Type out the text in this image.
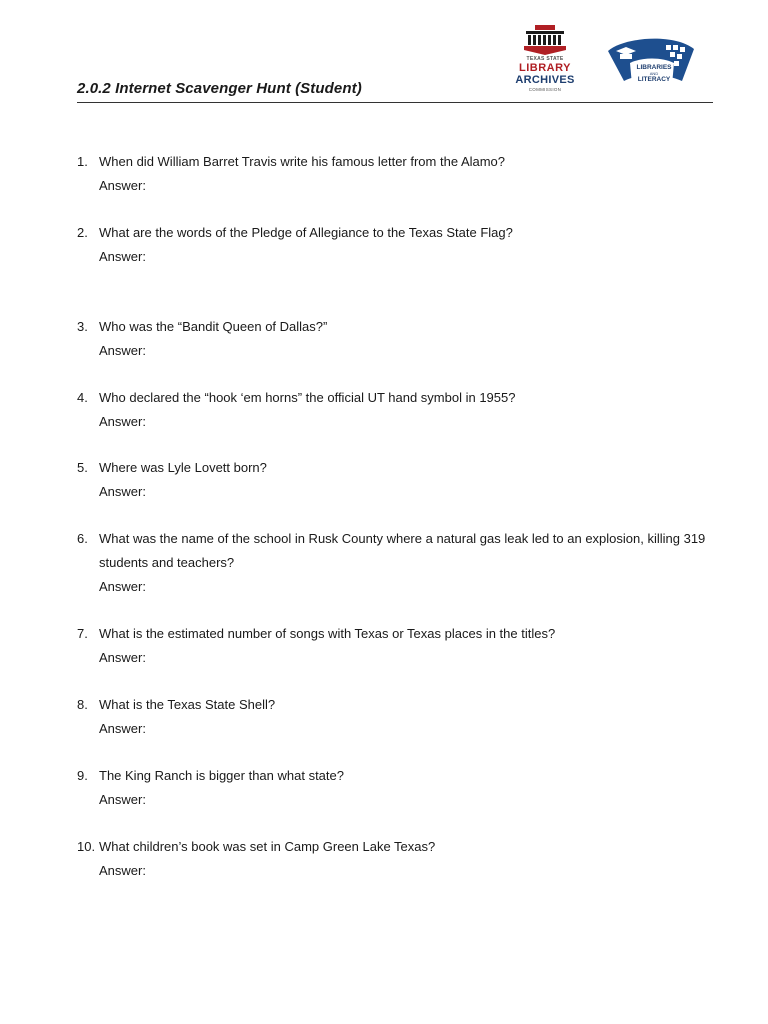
2.0.2 Internet Scavenger Hunt (Student)
TEXAS STATE
LIBRARY
ARCHIVES
COMMISSION
LIBRARIES
AND
LITERACY
1. When did William Barret Travis write his famous letter from the Alamo?
Answer:
2. What are the words of the Pledge of Allegiance to the Texas State Flag?
Answer:
3. Who was the “Bandit Queen of Dallas?”
Answer:
4. Who declared the “hook ‘em horns” the official UT hand symbol in 1955?
Answer:
5. Where was Lyle Lovett born?
Answer:
6. What was the name of the school in Rusk County where a natural gas leak led to an explosion, killing 319 students and teachers?
Answer:
7. What is the estimated number of songs with Texas or Texas places in the titles?
Answer:
8. What is the Texas State Shell?
Answer:
9. The King Ranch is bigger than what state?
Answer:
10. What children’s book was set in Camp Green Lake Texas?
Answer:
